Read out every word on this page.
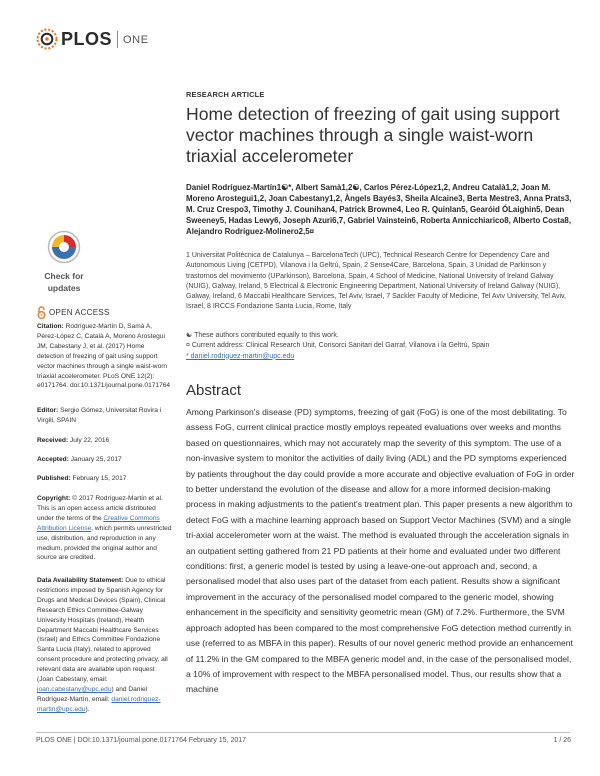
PLOS ONE
Check for
updates
OPEN ACCESS
Citation: Rodríguez-Martín D, Samà A, Pérez-López C, Català A, Moreno Arostegui JM, Cabestany J, et al. (2017) Home detection of freezing of gait using support vector machines through a single waist-worn triaxial accelerometer. PLoS ONE 12(2): e0171764. doi:10.1371/journal.pone.0171764
Editor: Sergio Gómez, Universitat Rovira i Virgili, SPAIN
Received: July 22, 2016
Accepted: January 25, 2017
Published: February 15, 2017
Copyright: © 2017 Rodríguez-Martín et al. This is an open access article distributed under the terms of the Creative Commons Attribution License, which permits unrestricted use, distribution, and reproduction in any medium, provided the original author and source are credited.
Data Availability Statement: Due to ethical restrictions imposed by Spanish Agency for Drugs and Medical Devices (Spain), Clinical Research Ethics Committee-Galway University Hospitals (Ireland), Health Department Maccabi Healthcare Services (Israel) and Ethics Committee Fondazione Santa Lucia (Italy), related to approved consent procedure and protecting privacy, all relevant data are available upon request (Joan Cabestany, email: joan.cabestany@upc.edu) and Daniel Rodríguez-Martín, email: daniel.rodriguez-martin@upc.edu).
RESEARCH ARTICLE
Home detection of freezing of gait using support vector machines through a single waist-worn triaxial accelerometer
Daniel Rodríguez-Martín1☯*, Albert Samà1,2☯, Carlos Pérez-López1,2, Andreu Català1,2, Joan M. Moreno Arostegui1,2, Joan Cabestany1,2, Àngels Bayés3, Sheila Alcaine3, Berta Mestre3, Anna Prats3, M. Cruz Crespo3, Timothy J. Counihan4, Patrick Browne4, Leo R. Quinlan5, Gearóid ÓLaighin5, Dean Sweeney5, Hadas Lewy6, Joseph Azuri6,7, Gabriel Vainstein6, Roberta Annicchiarico8, Alberto Costa8, Alejandro Rodríguez-Molinero2,5¤
1 Universitat Politècnica de Catalunya – BarcelonaTech (UPC), Technical Research Centre for Dependency Care and Autonomous Living (CETPD), Vilanova i la Geltrú, Spain, 2 Sense4Care, Barcelona, Spain, 3 Unidad de Parkinson y trastornos del movimiento (UParkinson), Barcelona, Spain, 4 School of Medicine, National University of Ireland Galway (NUIG), Galway, Ireland, 5 Electrical & Electronic Engineering Department, National University of Ireland Galway (NUIG), Galway, Ireland, 6 Maccabi Healthcare Services, Tel Aviv, Israel, 7 Sackler Faculty of Medicine, Tel Aviv University, Tel Aviv, Israel, 8 IRCCS Fondazione Santa Lucia, Rome, Italy
☯ These authors contributed equally to this work.
¤ Current address: Clinical Research Unit, Consorci Sanitari del Garraf, Vilanova i la Geltrú, Spain
* daniel.rodriguez-martin@upc.edu
Abstract
Among Parkinson's disease (PD) symptoms, freezing of gait (FoG) is one of the most debilitating. To assess FoG, current clinical practice mostly employs repeated evaluations over weeks and months based on questionnaires, which may not accurately map the severity of this symptom. The use of a non-invasive system to monitor the activities of daily living (ADL) and the PD symptoms experienced by patients throughout the day could provide a more accurate and objective evaluation of FoG in order to better understand the evolution of the disease and allow for a more informed decision-making process in making adjustments to the patient's treatment plan. This paper presents a new algorithm to detect FoG with a machine learning approach based on Support Vector Machines (SVM) and a single tri-axial accelerometer worn at the waist. The method is evaluated through the acceleration signals in an outpatient setting gathered from 21 PD patients at their home and evaluated under two different conditions: first, a generic model is tested by using a leave-one-out approach and, second, a personalised model that also uses part of the dataset from each patient. Results show a significant improvement in the accuracy of the personalised model compared to the generic model, showing enhancement in the specificity and sensitivity geometric mean (GM) of 7.2%. Furthermore, the SVM approach adopted has been compared to the most comprehensive FoG detection method currently in use (referred to as MBFA in this paper). Results of our novel generic method provide an enhancement of 11.2% in the GM compared to the MBFA generic model and, in the case of the personalised model, a 10% of improvement with respect to the MBFA personalised model. Thus, our results show that a machine
PLOS ONE | DOI:10.1371/journal.pone.0171764 February 15, 2017	1 / 26
